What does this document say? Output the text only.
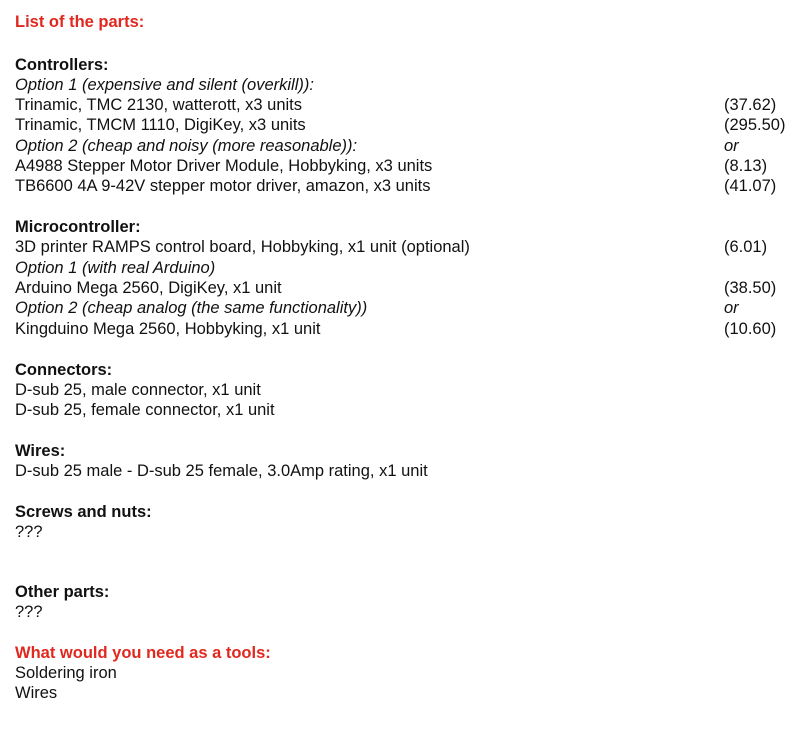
List of the parts:
Controllers:
Option 1 (expensive and silent (overkill)):
Trinamic, TMC 2130, watterott, x3 units	(37.62)
Trinamic, TMCM 1110, DigiKey, x3 units	(295.50)
Option 2 (cheap and noisy (more reasonable)):	or
A4988 Stepper Motor Driver Module, Hobbyking, x3 units	(8.13)
TB6600 4A 9-42V stepper motor driver, amazon, x3 units	(41.07)
Microcontroller:
3D printer RAMPS control board, Hobbyking, x1 unit (optional)	(6.01)
Option 1 (with real Arduino)
Arduino Mega 2560, DigiKey, x1 unit	(38.50)
Option 2 (cheap analog (the same functionality))	or
Kingduino Mega 2560, Hobbyking, x1 unit	(10.60)
Connectors:
D-sub 25, male connector, x1 unit
D-sub 25, female connector, x1 unit
Wires:
D-sub 25 male - D-sub 25 female, 3.0Amp rating, x1 unit
Screws and nuts:
???
Other parts:
???
What would you need as a tools:
Soldering iron
Wires
